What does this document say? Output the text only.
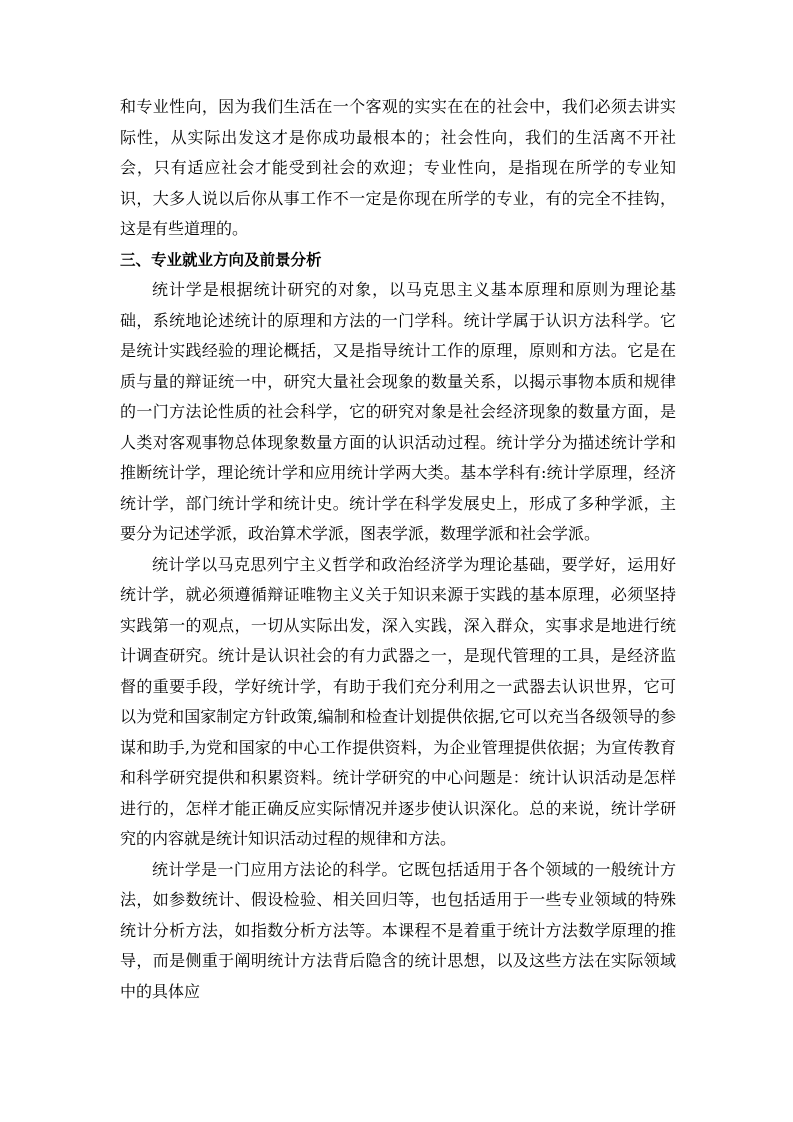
和专业性向，因为我们生活在一个客观的实实在在的社会中，我们必须去讲实际性，从实际出发这才是你成功最根本的；社会性向，我们的生活离不开社会，只有适应社会才能受到社会的欢迎；专业性向，是指现在所学的专业知识，大多人说以后你从事工作不一定是你现在所学的专业，有的完全不挂钩，这是有些道理的。

三、专业就业方向及前景分析

统计学是根据统计研究的对象，以马克思主义基本原理和原则为理论基础，系统地论述统计的原理和方法的一门学科。统计学属于认识方法科学。它是统计实践经验的理论概括，又是指导统计工作的原理，原则和方法。它是在质与量的辩证统一中，研究大量社会现象的数量关系，以揭示事物本质和规律的一门方法论性质的社会科学，它的研究对象是社会经济现象的数量方面，是人类对客观事物总体现象数量方面的认识活动过程。统计学分为描述统计学和推断统计学，理论统计学和应用统计学两大类。基本学科有:统计学原理，经济统计学，部门统计学和统计史。统计学在科学发展史上，形成了多种学派，主要分为记述学派，政治算术学派，图表学派，数理学派和社会学派。

统计学以马克思列宁主义哲学和政治经济学为理论基础，要学好，运用好统计学，就必须遵循辩证唯物主义关于知识来源于实践的基本原理，必须坚持实践第一的观点，一切从实际出发，深入实践，深入群众，实事求是地进行统计调查研究。统计是认识社会的有力武器之一，是现代管理的工具，是经济监督的重要手段，学好统计学，有助于我们充分利用之一武器去认识世界，它可以为党和国家制定方针政策,编制和检查计划提供依据,它可以充当各级领导的参谋和助手,为党和国家的中心工作提供资料，为企业管理提供依据；为宣传教育和科学研究提供和积累资料。统计学研究的中心问题是：统计认识活动是怎样进行的，怎样才能正确反应实际情况并逐步使认识深化。总的来说，统计学研究的内容就是统计知识活动过程的规律和方法。

统计学是一门应用方法论的科学。它既包括适用于各个领域的一般统计方法，如参数统计、假设检验、相关回归等，也包括适用于一些专业领域的特殊统计分析方法，如指数分析方法等。本课程不是着重于统计方法数学原理的推导，而是侧重于阐明统计方法背后隐含的统计思想，以及这些方法在实际领域中的具体应
